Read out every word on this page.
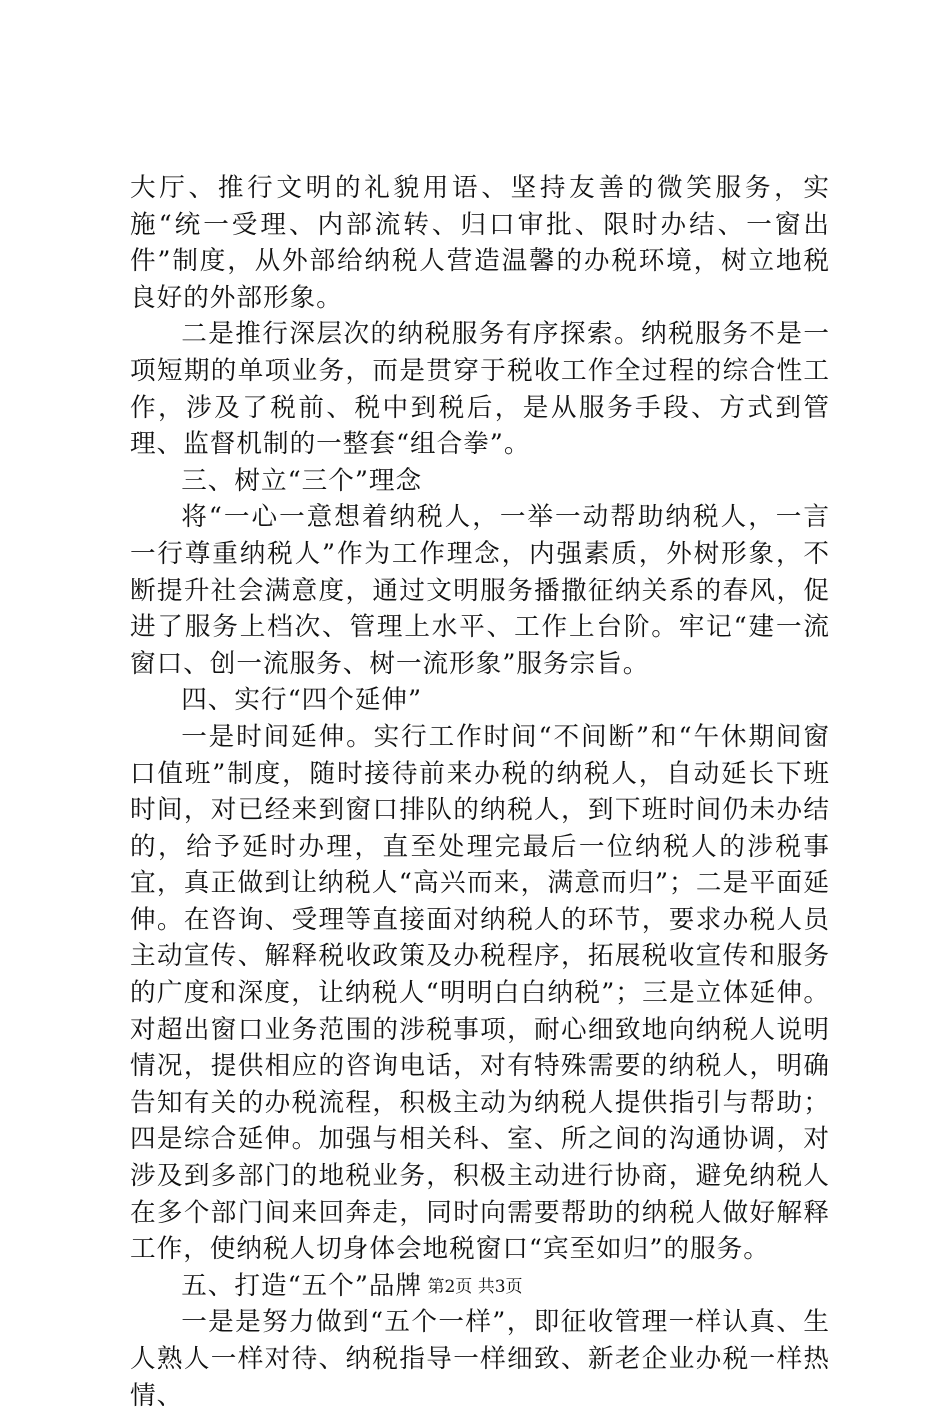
大厅、推行文明的礼貌用语、坚持友善的微笑服务，实施“统一受理、内部流转、归口审批、限时办结、一窗出件”制度，从外部给纳税人营造温馨的办税环境，树立地税良好的外部形象。

二是推行深层次的纳税服务有序探索。纳税服务不是一项短期的单项业务，而是贯穿于税收工作全过程的综合性工作，涉及了税前、税中到税后，是从服务手段、方式到管理、监督机制的一整套“组合拳”。

三、树立“三个”理念

将“一心一意想着纳税人，一举一动帮助纳税人，一言一行尊重纳税人”作为工作理念，内强素质，外树形象，不断提升社会满意度，通过文明服务播撒征纳关系的春风，促进了服务上档次、管理上水平、工作上台阶。牢记“建一流窗口、创一流服务、树一流形象”服务宗旨。

四、实行“四个延伸”

一是时间延伸。实行工作时间“不间断”和“午休期间窗口值班”制度，随时接待前来办税的纳税人，自动延长下班时间，对已经来到窗口排队的纳税人，到下班时间仍未办结的，给予延时办理，直至处理完最后一位纳税人的涉税事宜，真正做到让纳税人“高兴而来，满意而归”；二是平面延伸。在咨询、受理等直接面对纳税人的环节，要求办税人员主动宣传、解释税收政策及办税程序，拓展税收宣传和服务的广度和深度，让纳税人“明明白白纳税”；三是立体延伸。对超出窗口业务范围的涉税事项，耐心细致地向纳税人说明情况，提供相应的咨询电话，对有特殊需要的纳税人，明确告知有关的办税流程，积极主动为纳税人提供指引与帮助；四是综合延伸。加强与相关科、室、所之间的沟通协调，对涉及到多部门的地税业务，积极主动进行协商，避免纳税人在多个部门间来回奔走，同时向需要帮助的纳税人做好解释工作，使纳税人切身体会地税窗口“宾至如归”的服务。

五、打造“五个”品牌

一是是努力做到“五个一样”，即征收管理一样认真、生人熟人一样对待、纳税指导一样细致、新老企业办税一样热情、

第2页 共3页
